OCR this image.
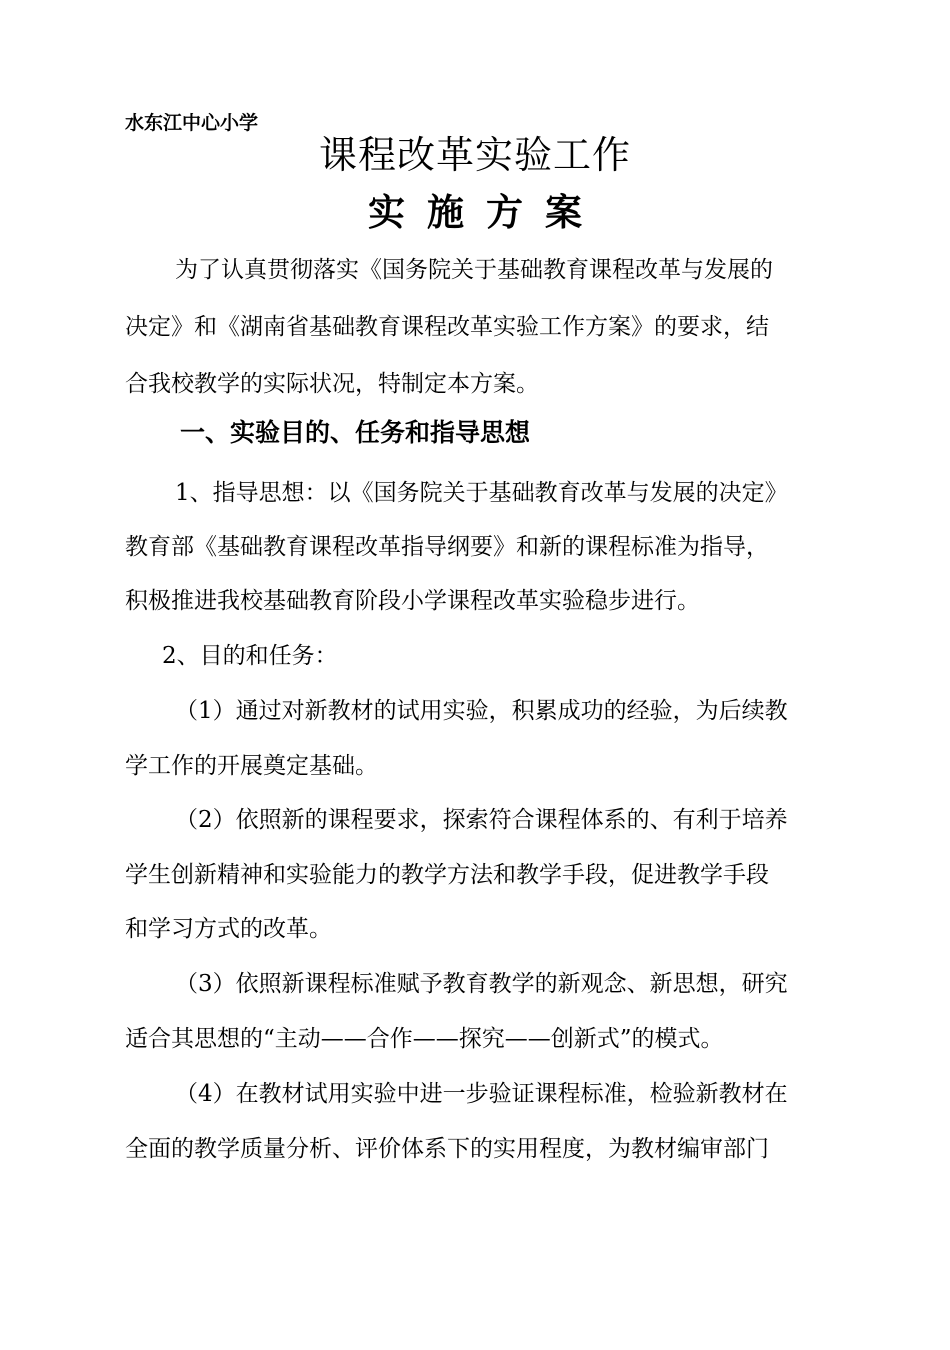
水东江中心小学
课程改革实验工作
实施方案
为了认真贯彻落实《国务院关于基础教育课程改革与发展的
决定》和《湖南省基础教育课程改革实验工作方案》的要求，结
合我校教学的实际状况，特制定本方案。
一、实验目的、任务和指导思想
1、指导思想：以《国务院关于基础教育改革与发展的决定》
教育部《基础教育课程改革指导纲要》和新的课程标准为指导，
积极推进我校基础教育阶段小学课程改革实验稳步进行。
2、目的和任务：
（1）通过对新教材的试用实验，积累成功的经验，为后续教
学工作的开展奠定基础。
（2）依照新的课程要求，探索符合课程体系的、有利于培养
学生创新精神和实验能力的教学方法和教学手段，促进教学手段
和学习方式的改革。
（3）依照新课程标准赋予教育教学的新观念、新思想，研究
适合其思想的“主动——合作——探究——创新式”的模式。
（4）在教材试用实验中进一步验证课程标准，检验新教材在
全面的教学质量分析、评价体系下的实用程度，为教材编审部门
